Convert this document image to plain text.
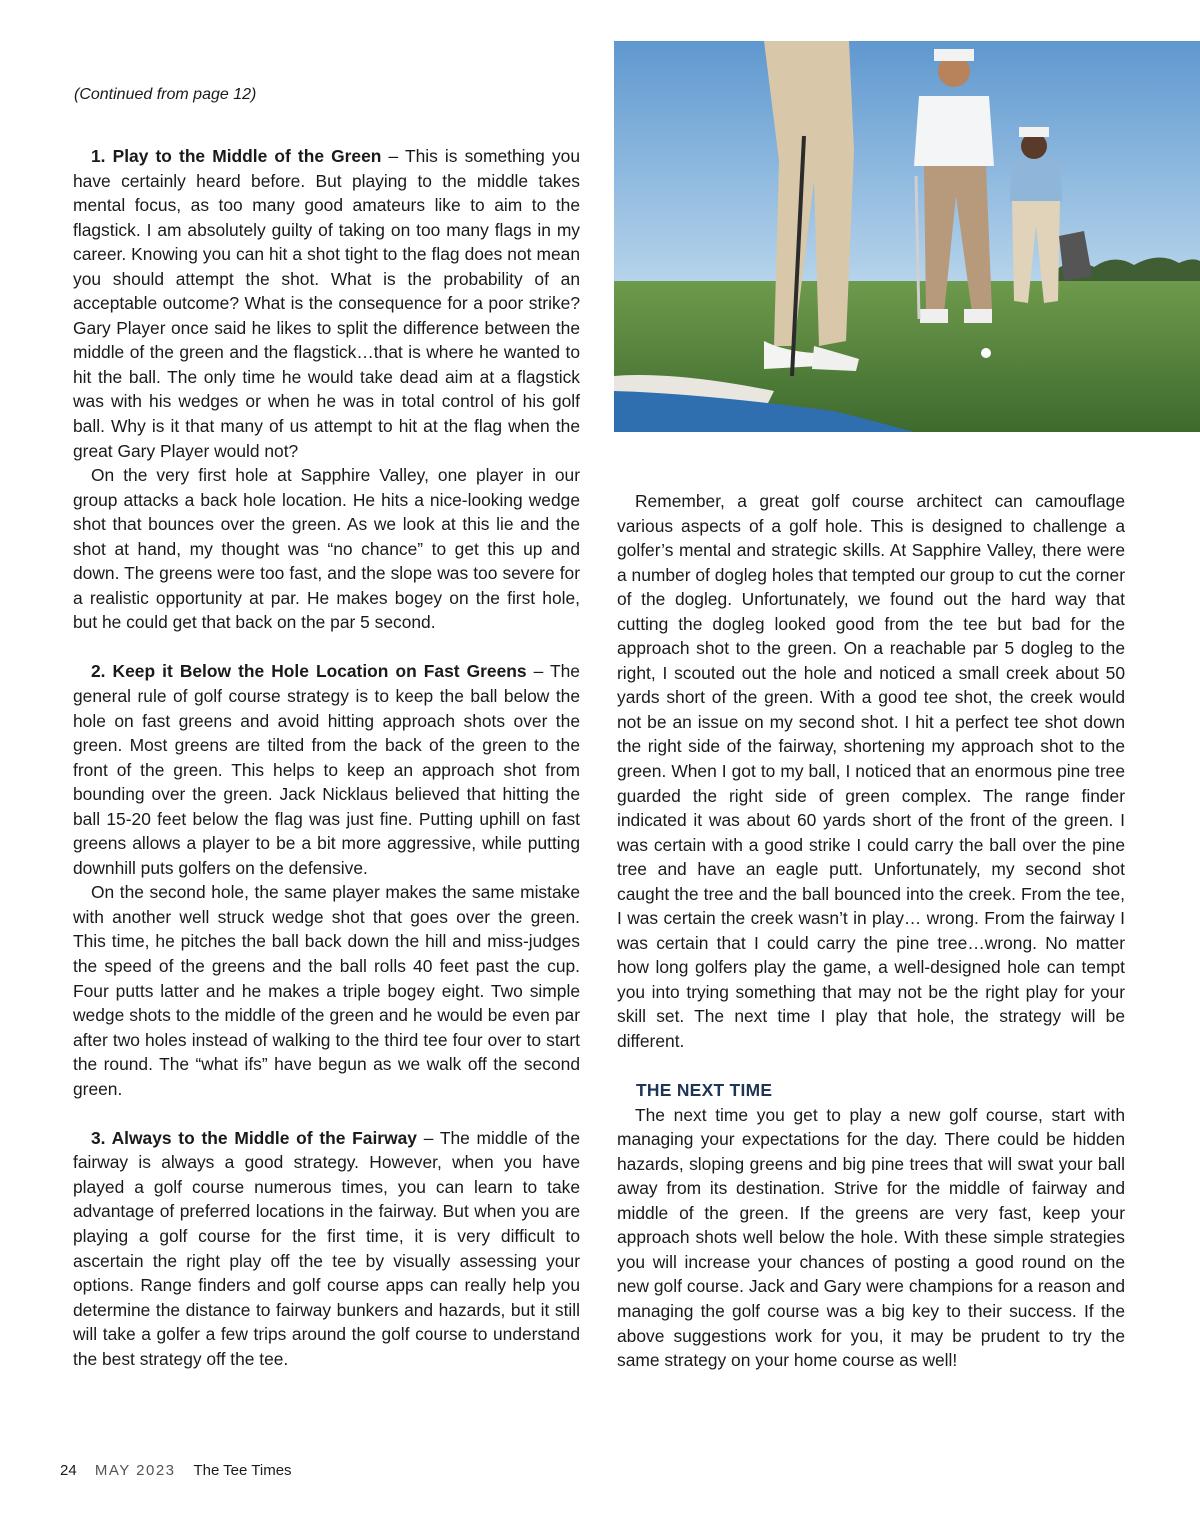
(Continued from page 12)

1. Play to the Middle of the Green – This is something you have certainly heard before. But playing to the middle takes mental focus, as too many good amateurs like to aim to the flagstick. I am absolutely guilty of taking on too many flags in my career. Knowing you can hit a shot tight to the flag does not mean you should attempt the shot. What is the probability of an acceptable outcome? What is the consequence for a poor strike? Gary Player once said he likes to split the difference between the middle of the green and the flagstick…that is where he wanted to hit the ball. The only time he would take dead aim at a flagstick was with his wedges or when he was in total control of his golf ball. Why is it that many of us attempt to hit at the flag when the great Gary Player would not?

On the very first hole at Sapphire Valley, one player in our group attacks a back hole location. He hits a nice-looking wedge shot that bounces over the green. As we look at this lie and the shot at hand, my thought was “no chance” to get this up and down. The greens were too fast, and the slope was too severe for a realistic opportunity at par. He makes bogey on the first hole, but he could get that back on the par 5 second.

2. Keep it Below the Hole Location on Fast Greens – The general rule of golf course strategy is to keep the ball below the hole on fast greens and avoid hitting approach shots over the green. Most greens are tilted from the back of the green to the front of the green. This helps to keep an approach shot from bounding over the green. Jack Nicklaus believed that hitting the ball 15-20 feet below the flag was just fine. Putting uphill on fast greens allows a player to be a bit more aggressive, while putting downhill puts golfers on the defensive.

On the second hole, the same player makes the same mistake with another well struck wedge shot that goes over the green. This time, he pitches the ball back down the hill and miss-judges the speed of the greens and the ball rolls 40 feet past the cup. Four putts latter and he makes a triple bogey eight. Two simple wedge shots to the middle of the green and he would be even par after two holes instead of walking to the third tee four over to start the round. The “what ifs” have begun as we walk off the second green.

3. Always to the Middle of the Fairway – The middle of the fairway is always a good strategy. However, when you have played a golf course numerous times, you can learn to take advantage of preferred locations in the fairway. But when you are playing a golf course for the first time, it is very difficult to ascertain the right play off the tee by visually assessing your options. Range finders and golf course apps can really help you determine the distance to fairway bunkers and hazards, but it still will take a golfer a few trips around the golf course to understand the best strategy off the tee.

Remember, a great golf course architect can camouflage various aspects of a golf hole. This is designed to challenge a golfer’s mental and strategic skills. At Sapphire Valley, there were a number of dogleg holes that tempted our group to cut the corner of the dogleg. Unfortunately, we found out the hard way that cutting the dogleg looked good from the tee but bad for the approach shot to the green. On a reachable par 5 dogleg to the right, I scouted out the hole and noticed a small creek about 50 yards short of the green. With a good tee shot, the creek would not be an issue on my second shot. I hit a perfect tee shot down the right side of the fairway, shortening my approach shot to the green. When I got to my ball, I noticed that an enormous pine tree guarded the right side of green complex. The range finder indicated it was about 60 yards short of the front of the green. I was certain with a good strike I could carry the ball over the pine tree and have an eagle putt. Unfortunately, my second shot caught the tree and the ball bounced into the creek. From the tee, I was certain the creek wasn’t in play… wrong. From the fairway I was certain that I could carry the pine tree…wrong. No matter how long golfers play the game, a well-designed hole can tempt you into trying something that may not be the right play for your skill set. The next time I play that hole, the strategy will be different.

THE NEXT TIME

The next time you get to play a new golf course, start with managing your expectations for the day. There could be hidden hazards, sloping greens and big pine trees that will swat your ball away from its destination. Strive for the middle of fairway and middle of the green. If the greens are very fast, keep your approach shots well below the hole. With these simple strategies you will increase your chances of posting a good round on the new golf course. Jack and Gary were champions for a reason and managing the golf course was a big key to their success. If the above suggestions work for you, it may be prudent to try the same strategy on your home course as well!

24 MAY 2023 The Tee Times
